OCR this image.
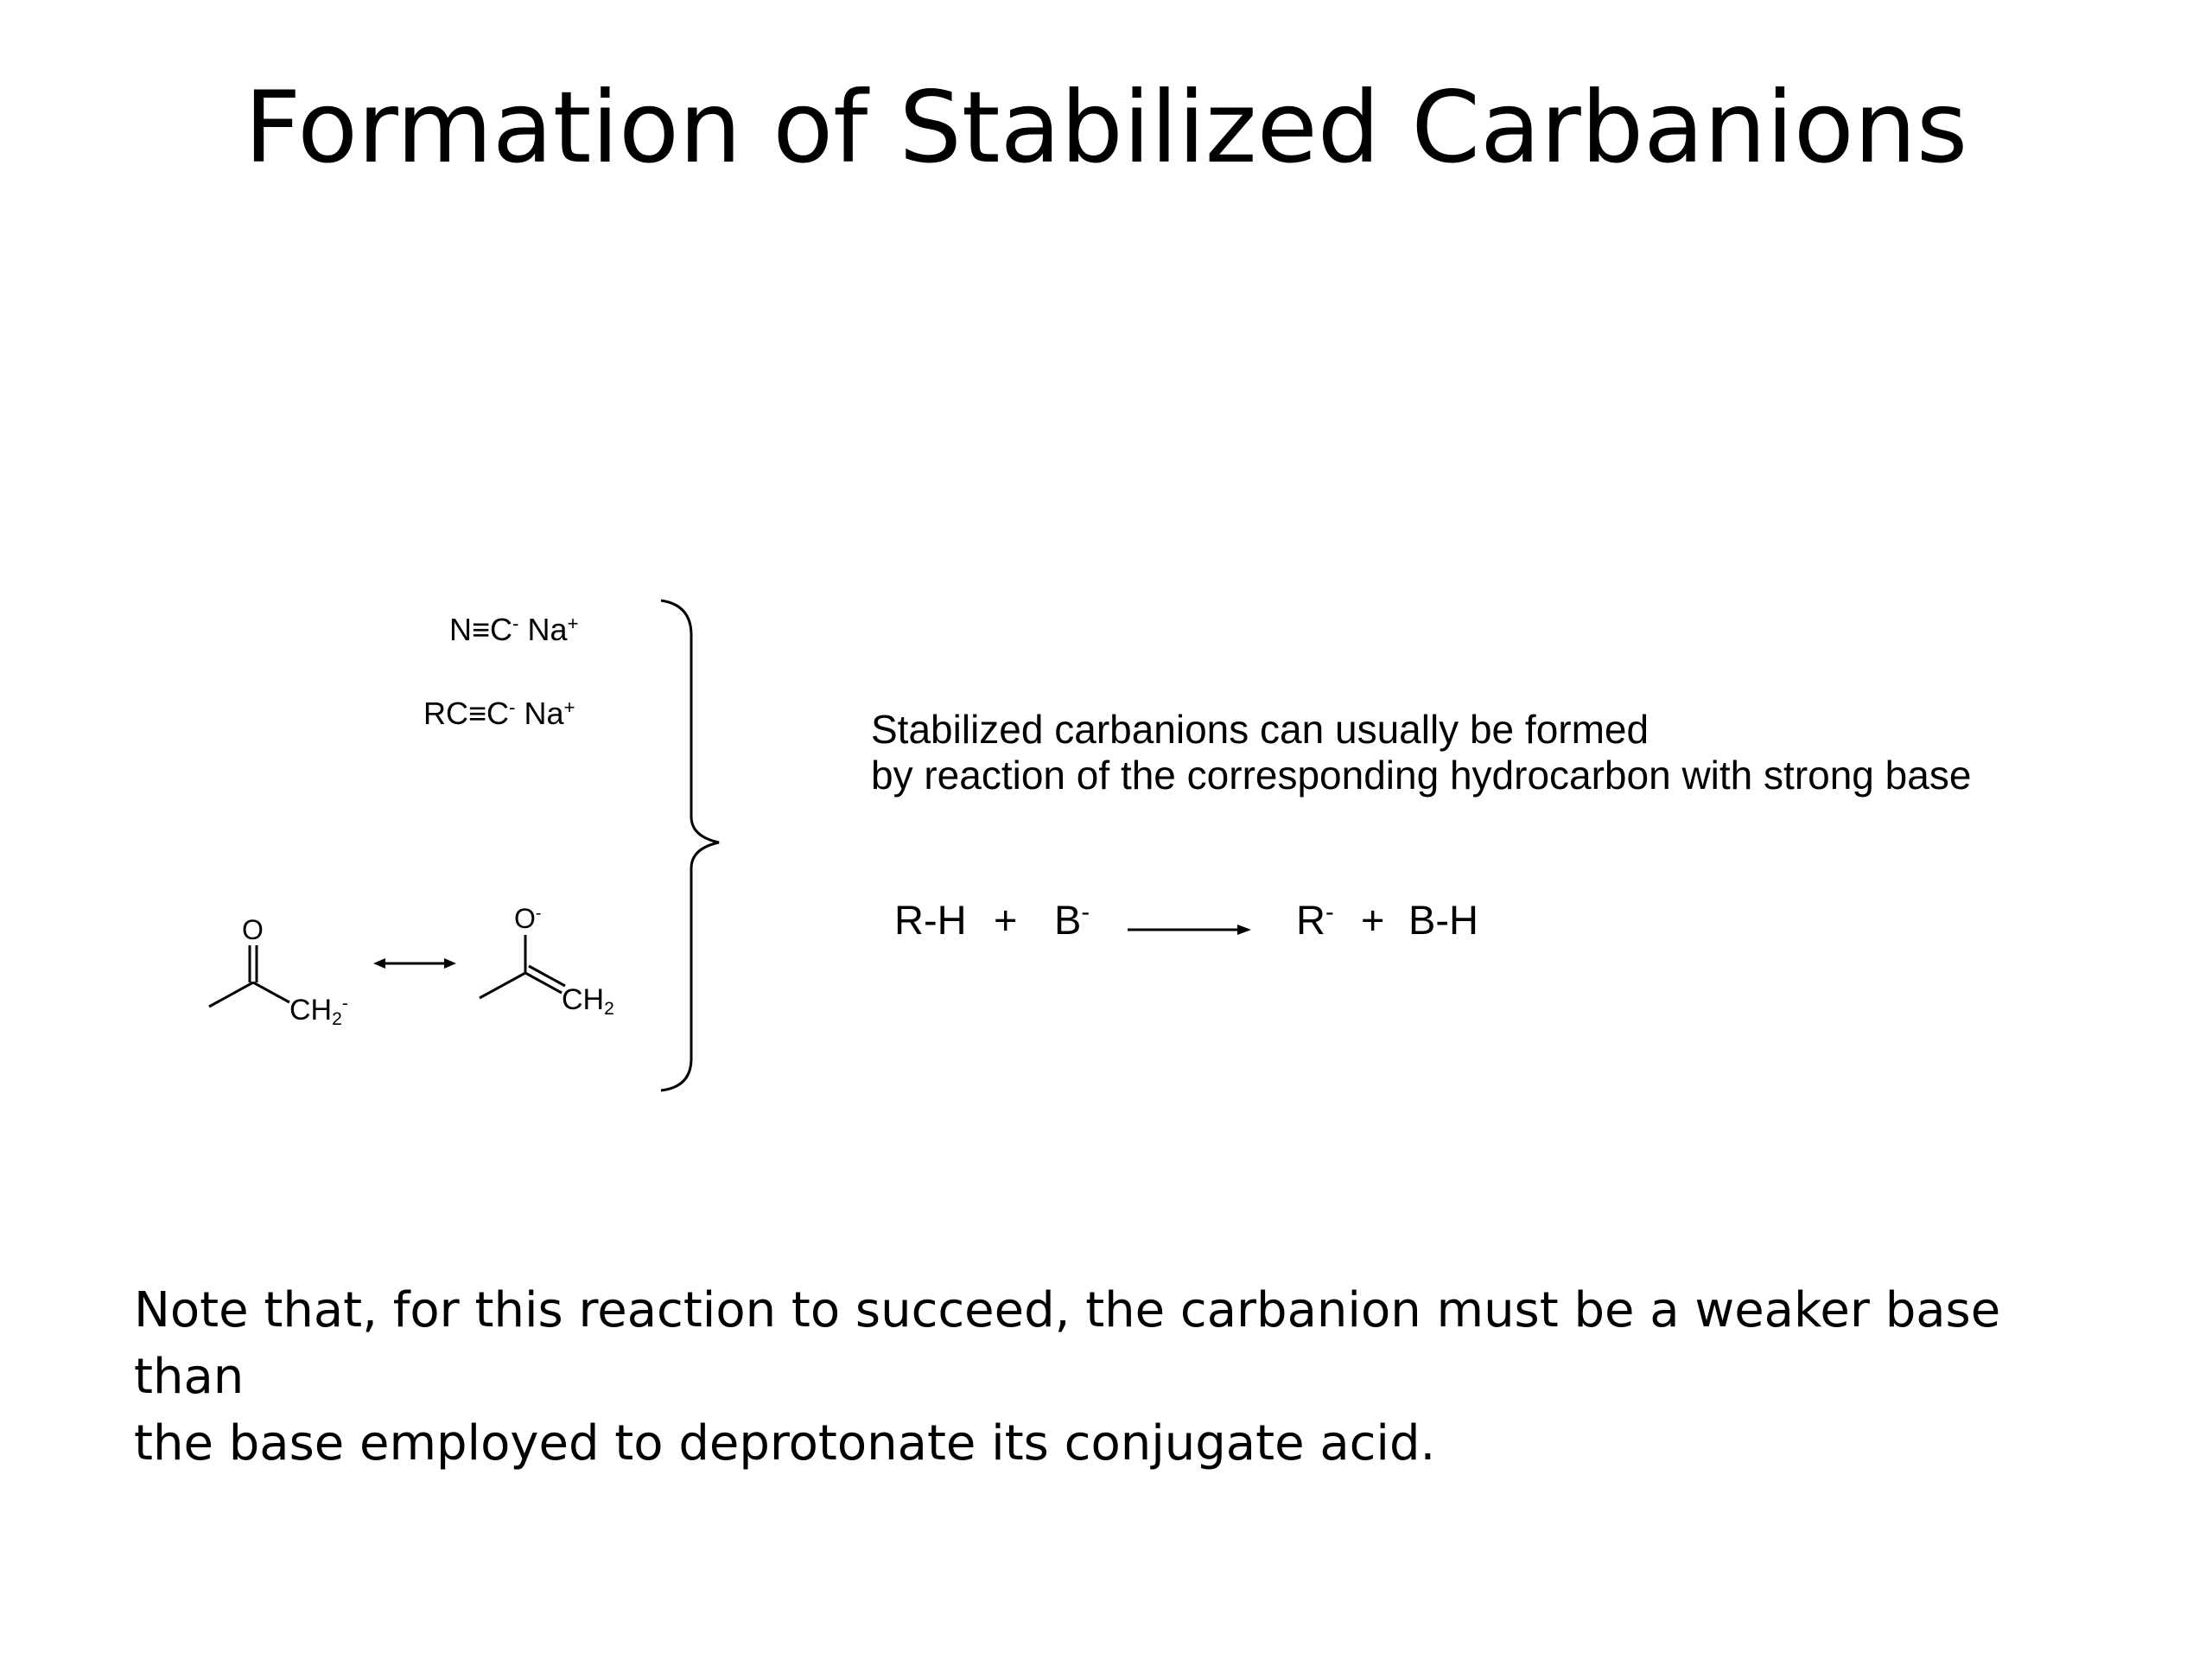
Formation of Stabilized Carbanions
N≡C- Na+
RC≡C- Na+
O
CH2-
O-
CH2
Stabilized carbanions can usually be formed
by reaction of the corresponding hydrocarbon with strong base
R-H + B-	R- + B-H
Note that, for this reaction to succeed, the carbanion must be a weaker base than
the base employed to deprotonate its conjugate acid.
